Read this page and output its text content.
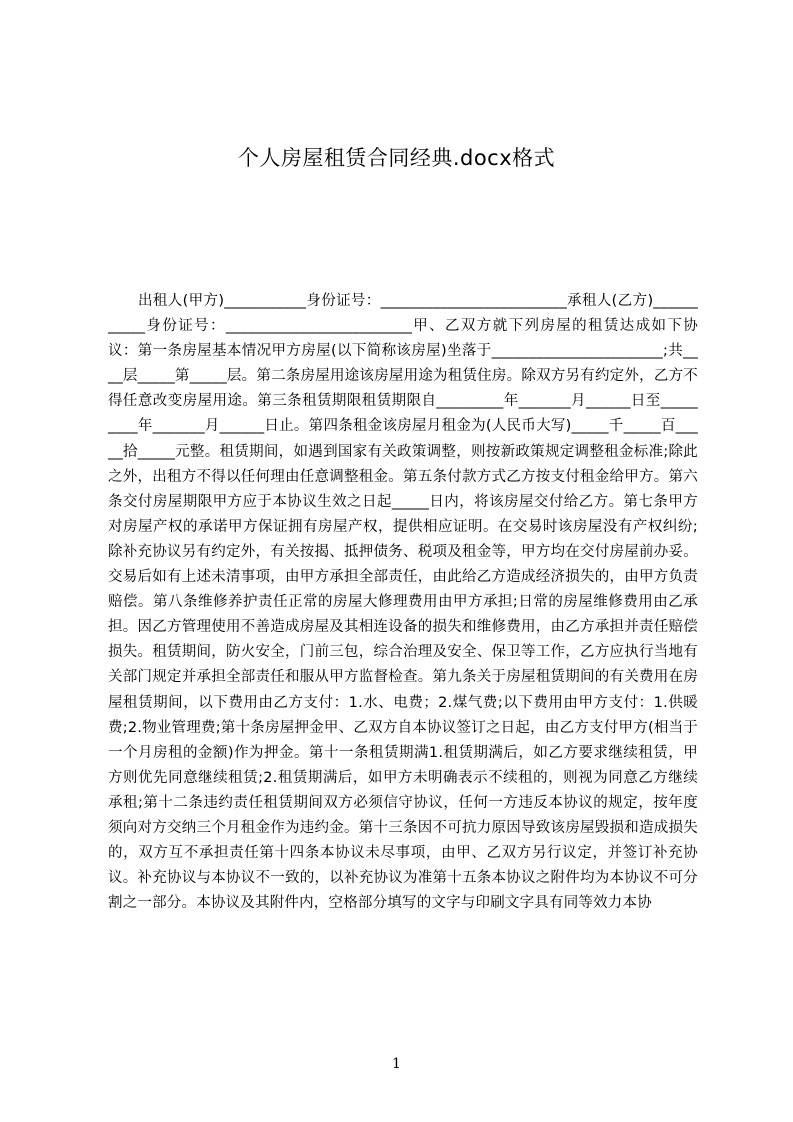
个人房屋租赁合同经典.docx格式

出租人(甲方)___________身份证号：_________________________承租人(乙方)___________身份证号：_________________________甲、乙双方就下列房屋的租赁达成如下协议：第一条房屋基本情况甲方房屋(以下简称该房屋)坐落于_______________________;共____层_____第_____层。第二条房屋用途该房屋用途为租赁住房。除双方另有约定外，乙方不得任意改变房屋用途。第三条租赁期限租赁期限自_________年_______月______日至_________年_______月______日止。第四条租金该房屋月租金为(人民币大写)_____千_____百_____拾_____元整。租赁期间，如遇到国家有关政策调整，则按新政策规定调整租金标准;除此之外，出租方不得以任何理由任意调整租金。第五条付款方式乙方按支付租金给甲方。第六条交付房屋期限甲方应于本协议生效之日起_____日内，将该房屋交付给乙方。第七条甲方对房屋产权的承诺甲方保证拥有房屋产权，提供相应证明。在交易时该房屋没有产权纠纷;除补充协议另有约定外，有关按揭、抵押债务、税项及租金等，甲方均在交付房屋前办妥。交易后如有上述未清事项，由甲方承担全部责任，由此给乙方造成经济损失的，由甲方负责赔偿。第八条维修养护责任正常的房屋大修理费用由甲方承担;日常的房屋维修费用由乙承担。因乙方管理使用不善造成房屋及其相连设备的损失和维修费用，由乙方承担并责任赔偿损失。租赁期间，防火安全，门前三包，综合治理及安全、保卫等工作，乙方应执行当地有关部门规定并承担全部责任和服从甲方监督检查。第九条关于房屋租赁期间的有关费用在房屋租赁期间，以下费用由乙方支付：1.水、电费；2.煤气费;以下费用由甲方支付：1.供暖费;2.物业管理费;第十条房屋押金甲、乙双方自本协议签订之日起，由乙方支付甲方(相当于一个月房租的金额)作为押金。第十一条租赁期满1.租赁期满后，如乙方要求继续租赁，甲方则优先同意继续租赁;2.租赁期满后，如甲方未明确表示不续租的，则视为同意乙方继续承租;第十二条违约责任租赁期间双方必须信守协议，任何一方违反本协议的规定，按年度须向对方交纳三个月租金作为违约金。第十三条因不可抗力原因导致该房屋毁损和造成损失的，双方互不承担责任第十四条本协议未尽事项，由甲、乙双方另行议定，并签订补充协议。补充协议与本协议不一致的，以补充协议为准第十五条本协议之附件均为本协议不可分割之一部分。本协议及其附件内，空格部分填写的文字与印刷文字具有同等效力本协

1
